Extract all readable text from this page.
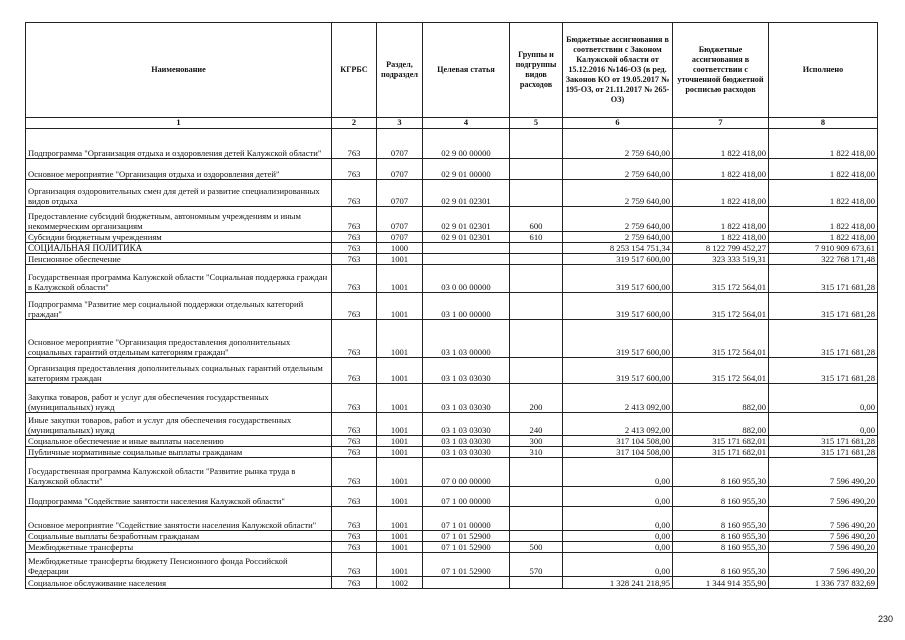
Наименование	КГРБС	Раздел, подраздел	Целевая статья	Группы и подгруппы видов расходов	Бюджетные ассигнования в соответствии с Законом Калужской области от 15.12.2016 №146-ОЗ (в ред. Законов КО от 19.05.2017 № 195-ОЗ, от 21.11.2017 № 265-ОЗ)	Бюджетные ассигнования в соответствии с уточненной бюджетной росписью расходов	Исполнено
1	2	3	4	5	6	7	8
Подпрограмма "Организация отдыха и оздоровления детей Калужской области"	763	0707	02 9 00 00000		2 759 640,00	1 822 418,00	1 822 418,00
Основное мероприятие "Организация отдыха и оздоровления детей"	763	0707	02 9 01 00000		2 759 640,00	1 822 418,00	1 822 418,00
Организация оздоровительных смен для детей и развитие специализированных видов отдыха	763	0707	02 9 01 02301		2 759 640,00	1 822 418,00	1 822 418,00
Предоставление субсидий бюджетным, автономным учреждениям и иным некоммерческим организациям	763	0707	02 9 01 02301	600	2 759 640,00	1 822 418,00	1 822 418,00
Субсидии бюджетным учреждениям	763	0707	02 9 01 02301	610	2 759 640,00	1 822 418,00	1 822 418,00
СОЦИАЛЬНАЯ ПОЛИТИКА	763	1000			8 253 154 751,34	8 122 799 452,27	7 910 909 673,61
Пенсионное обеспечение	763	1001			319 517 600,00	323 333 519,31	322 768 171,48
Государственная программа Калужской области "Социальная поддержка граждан в Калужской области"	763	1001	03 0 00 00000		319 517 600,00	315 172 564,01	315 171 681,28
Подпрограмма "Развитие мер социальной поддержки отдельных категорий граждан"	763	1001	03 1 00 00000		319 517 600,00	315 172 564,01	315 171 681,28
Основное мероприятие "Организация предоставления дополнительных социальных гарантий отдельным категориям граждан"	763	1001	03 1 03 00000		319 517 600,00	315 172 564,01	315 171 681,28
Организация предоставления дополнительных социальных гарантий отдельным категориям граждан	763	1001	03 1 03 03030		319 517 600,00	315 172 564,01	315 171 681,28
Закупка товаров, работ и услуг для обеспечения государственных (муниципальных) нужд	763	1001	03 1 03 03030	200	2 413 092,00	882,00	0,00
Иные закупки товаров, работ и услуг для обеспечения государственных (муниципальных) нужд	763	1001	03 1 03 03030	240	2 413 092,00	882,00	0,00
Социальное обеспечение и иные выплаты населению	763	1001	03 1 03 03030	300	317 104 508,00	315 171 682,01	315 171 681,28
Публичные нормативные социальные выплаты гражданам	763	1001	03 1 03 03030	310	317 104 508,00	315 171 682,01	315 171 681,28
Государственная программа Калужской области "Развитие рынка труда в Калужской области"	763	1001	07 0 00 00000		0,00	8 160 955,30	7 596 490,20
Подпрограмма "Содействие занятости населения Калужской области"	763	1001	07 1 00 00000		0,00	8 160 955,30	7 596 490,20
Основное мероприятие "Содействие занятости населения Калужской области"	763	1001	07 1 01 00000		0,00	8 160 955,30	7 596 490,20
Социальные выплаты безработным гражданам	763	1001	07 1 01 52900		0,00	8 160 955,30	7 596 490,20
Межбюджетные трансферты	763	1001	07 1 01 52900	500	0,00	8 160 955,30	7 596 490,20
Межбюджетные трансферты бюджету Пенсионного фонда Российской Федерации	763	1001	07 1 01 52900	570	0,00	8 160 955,30	7 596 490,20
Социальное обслуживание населения	763	1002			1 328 241 218,95	1 344 914 355,90	1 336 737 832,69
230
